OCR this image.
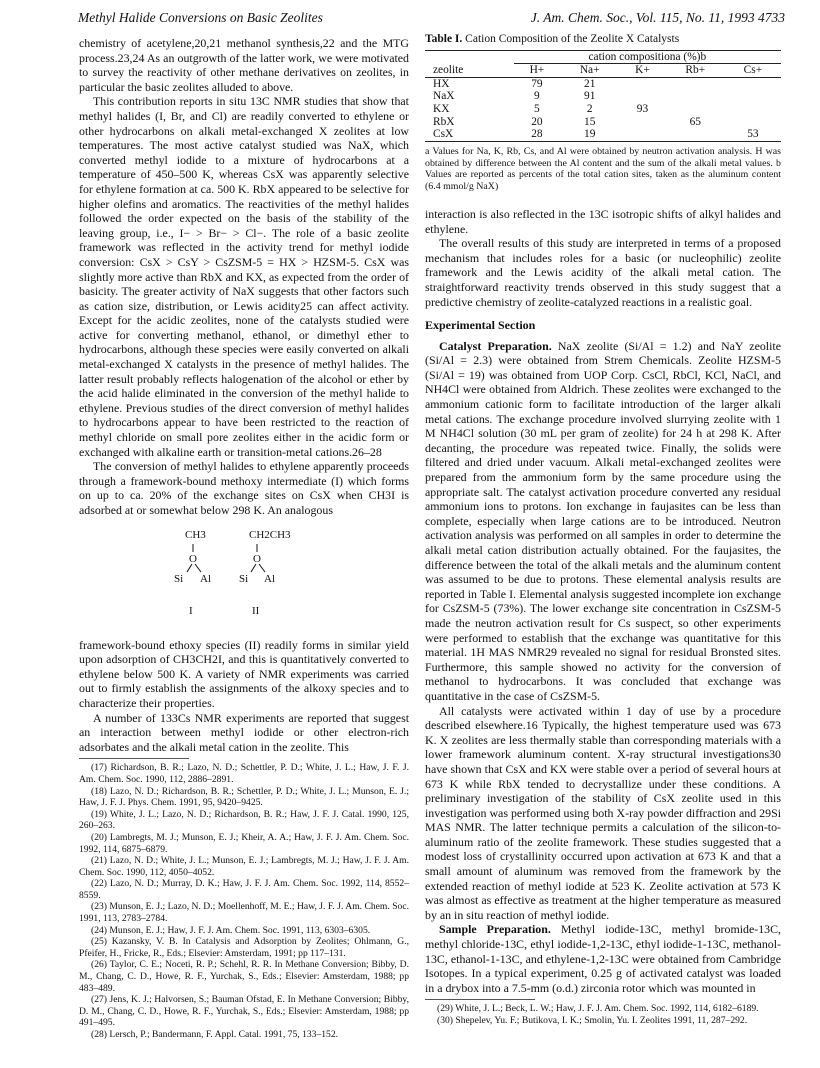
Methyl Halide Conversions on Basic Zeolites	J. Am. Chem. Soc., Vol. 115, No. 11, 1993 4733

chemistry of acetylene,20,21 methanol synthesis,22 and the MTG process.23,24 As an outgrowth of the latter work, we were motivated to survey the reactivity of other methane derivatives on zeolites, in particular the basic zeolites alluded to above.

This contribution reports in situ 13C NMR studies that show that methyl halides (I, Br, and Cl) are readily converted to ethylene or other hydrocarbons on alkali metal-exchanged X zeolites at low temperatures. The most active catalyst studied was NaX, which converted methyl iodide to a mixture of hydrocarbons at a temperature of 450–500 K, whereas CsX was apparently selective for ethylene formation at ca. 500 K. RbX appeared to be selective for higher olefins and aromatics. The reactivities of the methyl halides followed the order expected on the basis of the stability of the leaving group, i.e., I− > Br− > Cl−. The role of a basic zeolite framework was reflected in the activity trend for methyl iodide conversion: CsX > CsY > CsZSM-5 = HX > HZSM-5. CsX was slightly more active than RbX and KX, as expected from the order of basicity. The greater activity of NaX suggests that other factors such as cation size, distribution, or Lewis acidity25 can affect activity. Except for the acidic zeolites, none of the catalysts studied were active for converting methanol, ethanol, or dimethyl ether to hydrocarbons, although these species were easily converted on alkali metal-exchanged X catalysts in the presence of methyl halides. The latter result probably reflects halogenation of the alcohol or ether by the acid halide eliminated in the conversion of the methyl halide to ethylene. Previous studies of the direct conversion of methyl halides to hydrocarbons appear to have been restricted to the reaction of methyl chloride on small pore zeolites either in the acidic form or exchanged with alkaline earth or transition-metal cations.26–28

The conversion of methyl halides to ethylene apparently proceeds through a framework-bound methoxy intermediate (I) which forms on up to ca. 20% of the exchange sites on CsX when CH3I is adsorbed at or somewhat below 298 K. An analogous

CH3
O
Si Al
CH2CH3
O
Si Al
I	II

framework-bound ethoxy species (II) readily forms in similar yield upon adsorption of CH3CH2I, and this is quantitatively converted to ethylene below 500 K. A variety of NMR experiments was carried out to firmly establish the assignments of the alkoxy species and to characterize their properties.

A number of 133Cs NMR experiments are reported that suggest an interaction between methyl iodide or other electron-rich adsorbates and the alkali metal cation in the zeolite. This

(17) Richardson, B. R.; Lazo, N. D.; Schettler, P. D.; White, J. L.; Haw, J. F. J. Am. Chem. Soc. 1990, 112, 2886–2891.

(18) Lazo, N. D.; Richardson, B. R.; Schettler, P. D.; White, J. L.; Munson, E. J.; Haw, J. F. J. Phys. Chem. 1991, 95, 9420–9425.

(19) White, J. L.; Lazo, N. D.; Richardson, B. R.; Haw, J. F. J. Catal. 1990, 125, 260–263.

(20) Lambregts, M. J.; Munson, E. J.; Kheir, A. A.; Haw, J. F. J. Am. Chem. Soc. 1992, 114, 6875–6879.

(21) Lazo, N. D.; White, J. L.; Munson, E. J.; Lambregts, M. J.; Haw, J. F. J. Am. Chem. Soc. 1990, 112, 4050–4052.

(22) Lazo, N. D.; Murray, D. K.; Haw, J. F. J. Am. Chem. Soc. 1992, 114, 8552–8559.

(23) Munson, E. J.; Lazo, N. D.; Moellenhoff, M. E.; Haw, J. F. J. Am. Chem. Soc. 1991, 113, 2783–2784.

(24) Munson, E. J.; Haw, J. F. J. Am. Chem. Soc. 1991, 113, 6303–6305.

(25) Kazansky, V. B. In Catalysis and Adsorption by Zeolites; Ohlmann, G., Pfeifer, H., Fricke, R., Eds.; Elsevier: Amsterdam, 1991; pp 117–131.

(26) Taylor, C. E.; Noceti, R. P.; Schehl, R. R. In Methane Conversion; Bibby, D. M., Chang, C. D., Howe, R. F., Yurchak, S., Eds.; Elsevier: Amsterdam, 1988; pp 483–489.

(27) Jens, K. J.; Halvorsen, S.; Bauman Ofstad, E. In Methane Conversion; Bibby, D. M., Chang, C. D., Howe, R. F., Yurchak, S., Eds.; Elsevier: Amsterdam, 1988; pp 491–495.

(28) Lersch, P.; Bandermann, F. Appl. Catal. 1991, 75, 133–152.

Table I. Cation Composition of the Zeolite X Catalysts
	cation compositiona (%)b				
zeolite	H+	Na+	K+	Rb+	Cs+
HX	79	21			
NaX	9	91			
KX	5	2	93		
RbX	20	15		65	
CsX	28	19			53

a Values for Na, K, Rb, Cs, and Al were obtained by neutron activation analysis. H was obtained by difference between the Al content and the sum of the alkali metal values. b Values are reported as percents of the total cation sites, taken as the aluminum content (6.4 mmol/g NaX)

interaction is also reflected in the 13C isotropic shifts of alkyl halides and ethylene.

The overall results of this study are interpreted in terms of a proposed mechanism that includes roles for a basic (or nucleophilic) zeolite framework and the Lewis acidity of the alkali metal cation. The straightforward reactivity trends observed in this study suggest that a predictive chemistry of zeolite-catalyzed reactions in a realistic goal.

Experimental Section

Catalyst Preparation. NaX zeolite (Si/Al = 1.2) and NaY zeolite (Si/Al = 2.3) were obtained from Strem Chemicals. Zeolite HZSM-5 (Si/Al = 19) was obtained from UOP Corp. CsCl, RbCl, KCl, NaCl, and NH4Cl were obtained from Aldrich. These zeolites were exchanged to the ammonium cationic form to facilitate introduction of the larger alkali metal cations. The exchange procedure involved slurrying zeolite with 1 M NH4Cl solution (30 mL per gram of zeolite) for 24 h at 298 K. After decanting, the procedure was repeated twice. Finally, the solids were filtered and dried under vacuum. Alkali metal-exchanged zeolites were prepared from the ammonium form by the same procedure using the appropriate salt. The catalyst activation procedure converted any residual ammonium ions to protons. Ion exchange in faujasites can be less than complete, especially when large cations are to be introduced. Neutron activation analysis was performed on all samples in order to determine the alkali metal cation distribution actually obtained. For the faujasites, the difference between the total of the alkali metals and the aluminum content was assumed to be due to protons. These elemental analysis results are reported in Table I. Elemental analysis suggested incomplete ion exchange for CsZSM-5 (73%). The lower exchange site concentration in CsZSM-5 made the neutron activation result for Cs suspect, so other experiments were performed to establish that the exchange was quantitative for this material. 1H MAS NMR29 revealed no signal for residual Bronsted sites. Furthermore, this sample showed no activity for the conversion of methanol to hydrocarbons. It was concluded that exchange was quantitative in the case of CsZSM-5.

All catalysts were activated within 1 day of use by a procedure described elsewhere.16 Typically, the highest temperature used was 673 K. X zeolites are less thermally stable than corresponding materials with a lower framework aluminum content. X-ray structural investigations30 have shown that CsX and KX were stable over a period of several hours at 673 K while RbX tended to decrystallize under these conditions. A preliminary investigation of the stability of CsX zeolite used in this investigation was performed using both X-ray powder diffraction and 29Si MAS NMR. The latter technique permits a calculation of the silicon-to-aluminum ratio of the zeolite framework. These studies suggested that a modest loss of crystallinity occurred upon activation at 673 K and that a small amount of aluminum was removed from the framework by the extended reaction of methyl iodide at 523 K. Zeolite activation at 573 K was almost as effective as treatment at the higher temperature as measured by an in situ reaction of methyl iodide.

Sample Preparation. Methyl iodide-13C, methyl bromide-13C, methyl chloride-13C, ethyl iodide-1,2-13C, ethyl iodide-1-13C, methanol-13C, ethanol-1-13C, and ethylene-1,2-13C were obtained from Cambridge Isotopes. In a typical experiment, 0.25 g of activated catalyst was loaded in a drybox into a 7.5-mm (o.d.) zirconia rotor which was mounted in

(29) White, J. L.; Beck, L. W.; Haw, J. F. J. Am. Chem. Soc. 1992, 114, 6182–6189.

(30) Shepelev, Yu. F.; Butikova, I. K.; Smolin, Yu. I. Zeolites 1991, 11, 287–292.
